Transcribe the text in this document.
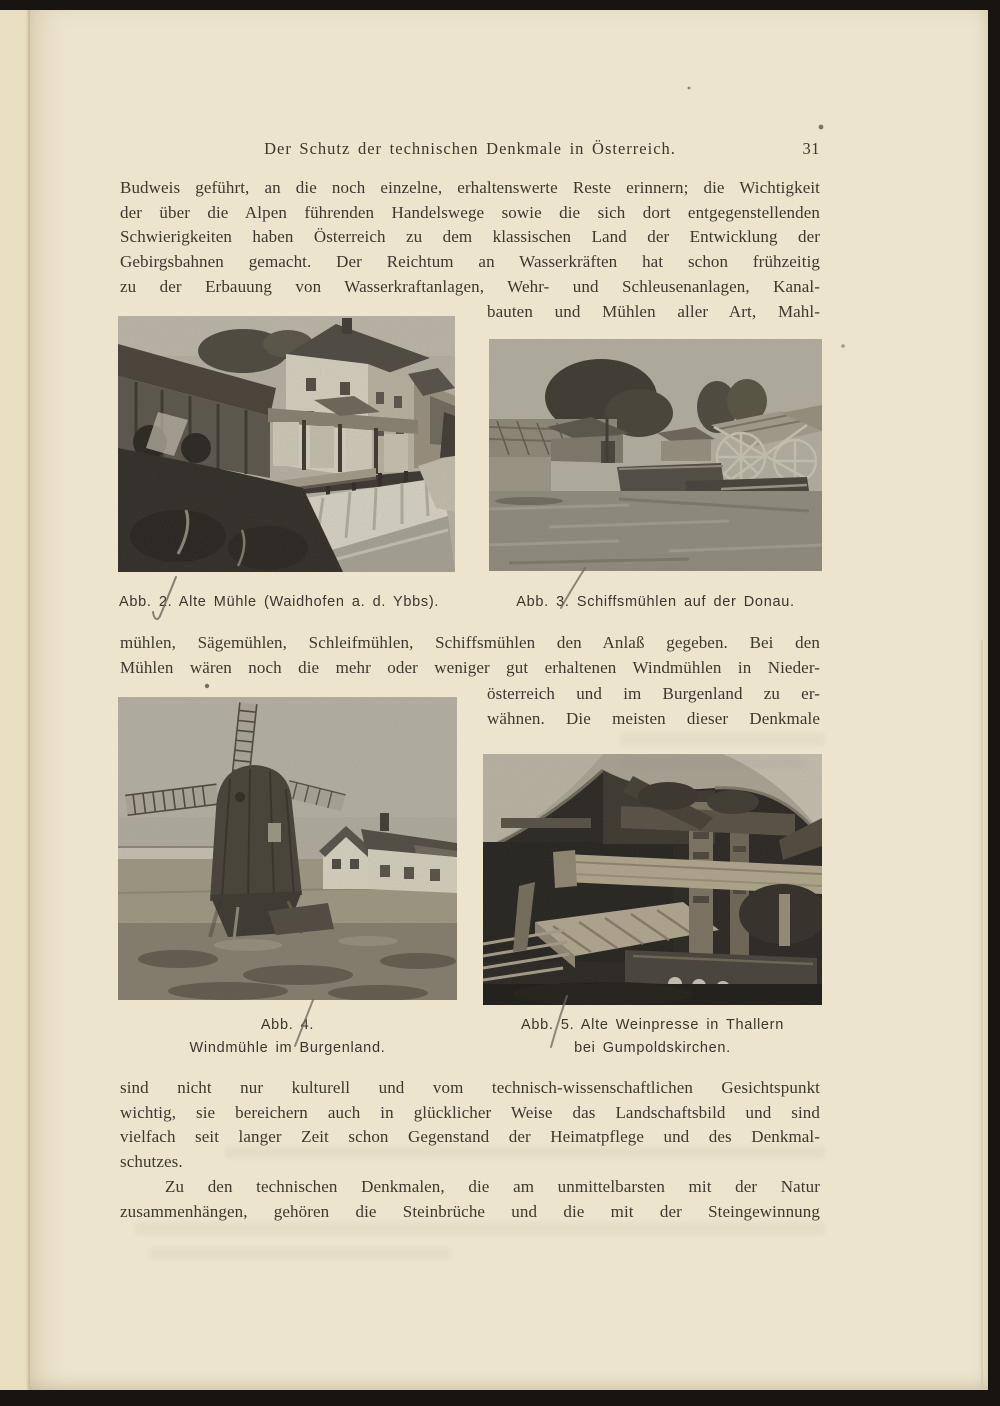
Der Schutz der technischen Denkmale in Österreich.	31
Budweis geführt, an die noch einzelne, erhaltenswerte Reste erinnern; die Wichtigkeit
der über die Alpen führenden Handelswege sowie die sich dort entgegenstellenden
Schwierigkeiten haben Österreich zu dem klassischen Land der Entwicklung der
Gebirgsbahnen gemacht. Der Reichtum an Wasserkräften hat schon frühzeitig
zu der Erbauung von Wasserkraftanlagen, Wehr- und Schleusenanlagen, Kanal-
bauten und Mühlen aller Art, Mahl-
Abb. 2. Alte Mühle (Waidhofen a. d. Ybbs).	Abb. 3. Schiffsmühlen auf der Donau.
mühlen, Sägemühlen, Schleifmühlen, Schiffsmühlen den Anlaß gegeben. Bei den
Mühlen wären noch die mehr oder weniger gut erhaltenen Windmühlen in Nieder-
österreich und im Burgenland zu er-
wähnen. Die meisten dieser Denkmale
Abb. 4.
Windmühle im Burgenland.
Abb. 5. Alte Weinpresse in Thallern
bei Gumpoldskirchen.
sind nicht nur kulturell und vom technisch-wissenschaftlichen Gesichtspunkt
wichtig, sie bereichern auch in glücklicher Weise das Landschaftsbild und sind
vielfach seit langer Zeit schon Gegenstand der Heimatpflege und des Denkmal-
schutzes.
Zu den technischen Denkmalen, die am unmittelbarsten mit der Natur
zusammenhängen, gehören die Steinbrüche und die mit der Steingewinnung
